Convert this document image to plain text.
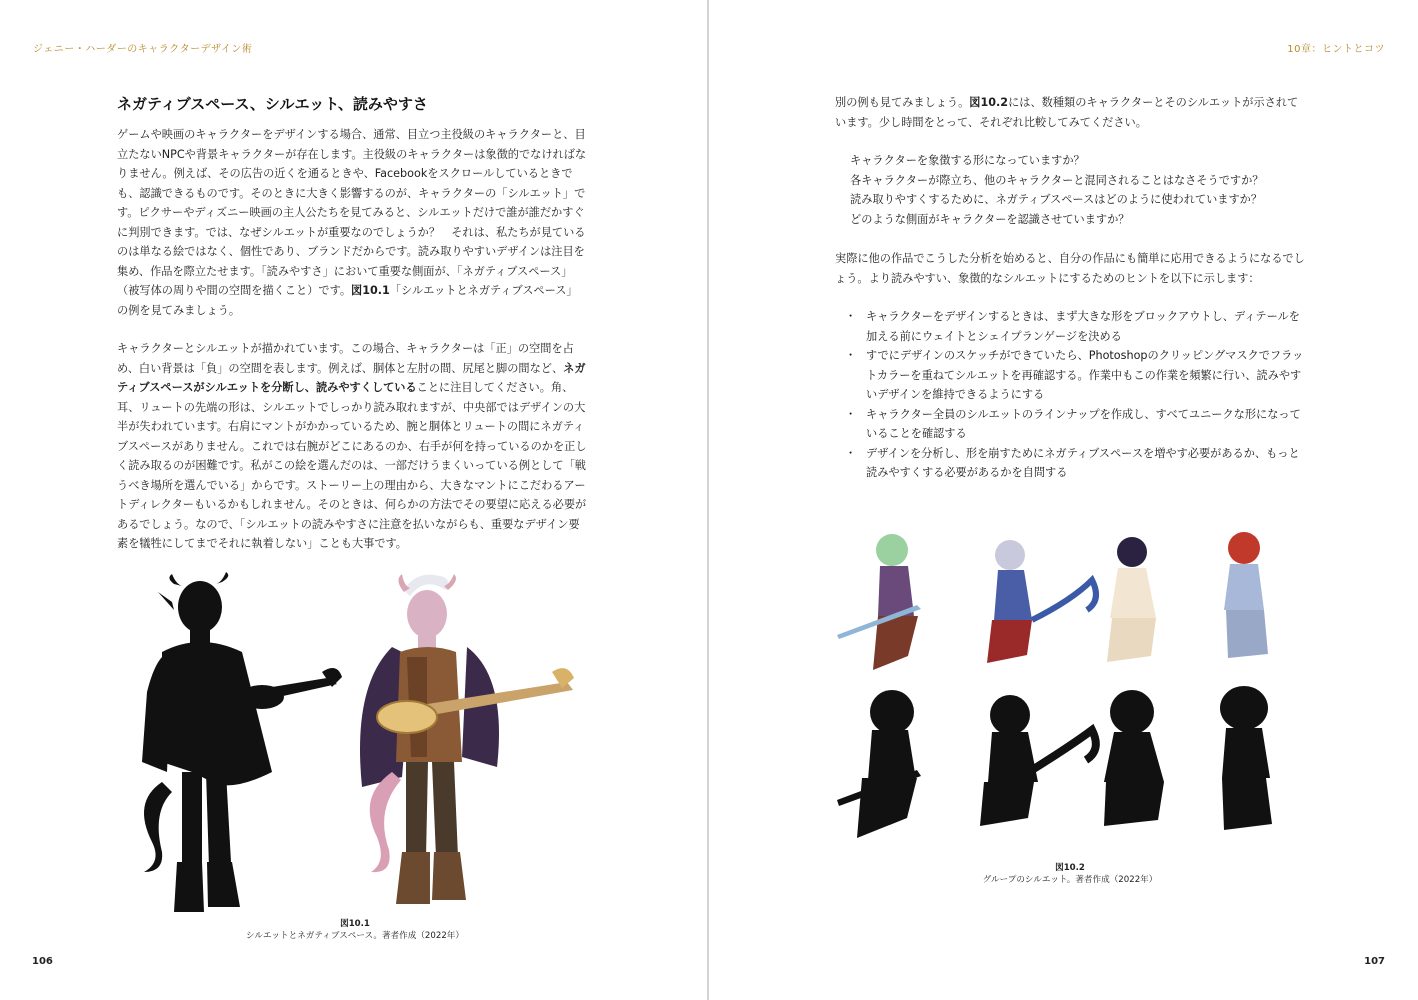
ジェニー・ハーダーのキャラクターデザイン術
ネガティブスペース、シルエット、読みやすさ

ゲームや映画のキャラクターをデザインする場合、通常、目立つ主役級のキャラクターと、目立たないNPCや背景キャラクターが存在します。主役級のキャラクターは象徴的でなければなりません。例えば、その広告の近くを通るときや、Facebookをスクロールしているときでも、認識できるものです。そのときに大きく影響するのが、キャラクターの「シルエット」です。ピクサーやディズニー映画の主人公たちを見てみると、シルエットだけで誰が誰だかすぐに判別できます。では、なぜシルエットが重要なのでしょうか？　それは、私たちが見ているのは単なる絵ではなく、個性であり、ブランドだからです。読み取りやすいデザインは注目を集め、作品を際立たせます。「読みやすさ」において重要な側面が、「ネガティブスペース」（被写体の周りや間の空間を描くこと）です。図10.1「シルエットとネガティブスペース」の例を見てみましょう。

キャラクターとシルエットが描かれています。この場合、キャラクターは「正」の空間を占め、白い背景は「負」の空間を表します。例えば、胴体と左肘の間、尻尾と脚の間など、ネガティブスペースがシルエットを分断し、読みやすくしていることに注目してください。角、耳、リュートの先端の形は、シルエットでしっかり読み取れますが、中央部ではデザインの大半が失われています。右肩にマントがかかっているため、腕と胴体とリュートの間にネガティブスペースがありません。これでは右腕がどこにあるのか、右手が何を持っているのかを正しく読み取るのが困難です。私がこの絵を選んだのは、一部だけうまくいっている例として「戦うべき場所を選んでいる」からです。ストーリー上の理由から、大きなマントにこだわるアートディレクターもいるかもしれません。そのときは、何らかの方法でその要望に応える必要があるでしょう。なので、「シルエットの読みやすさに注意を払いながらも、重要なデザイン要素を犠牲にしてまでそれに執着しない」ことも大事です。

図10.1
シルエットとネガティブスペース。著者作成（2022年）
106
10章：ヒントとコツ
107

別の例も見てみましょう。図10.2には、数種類のキャラクターとそのシルエットが示されています。少し時間をとって、それぞれ比較してみてください。

キャラクターを象徴する形になっていますか？
各キャラクターが際立ち、他のキャラクターと混同されることはなさそうですか？
読み取りやすくするために、ネガティブスペースはどのように使われていますか？
どのような側面がキャラクターを認識させていますか？

実際に他の作品でこうした分析を始めると、自分の作品にも簡単に応用できるようになるでしょう。より読みやすい、象徴的なシルエットにするためのヒントを以下に示します：

・ キャラクターをデザインするときは、まず大きな形をブロックアウトし、ディテールを加える前にウェイトとシェイプランゲージを決める
・ すでにデザインのスケッチができていたら、Photoshopのクリッピングマスクでフラットカラーを重ねてシルエットを再確認する。作業中もこの作業を頻繁に行い、読みやすいデザインを維持できるようにする
・ キャラクター全員のシルエットのラインナップを作成し、すべてユニークな形になっていることを確認する
・ デザインを分析し、形を崩すためにネガティブスペースを増やす必要があるか、もっと読みやすくする必要があるかを自問する
図10.2
グループのシルエット。著者作成（2022年）
